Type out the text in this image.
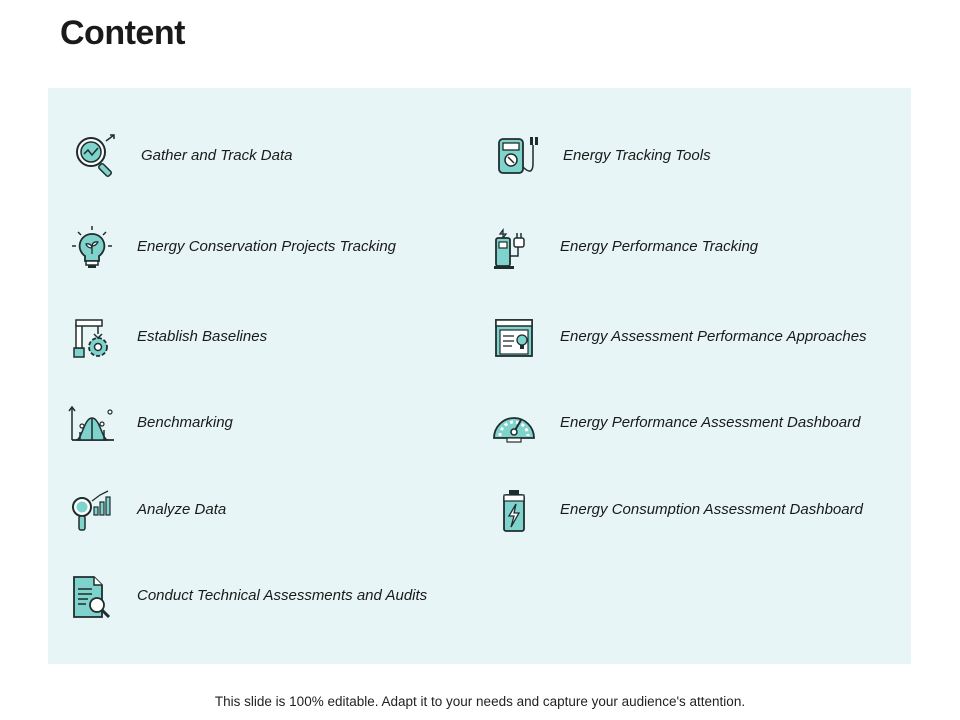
Content
Gather and Track Data
Energy Conservation Projects Tracking
Establish Baselines
Benchmarking
Analyze Data
Conduct Technical Assessments and Audits
Energy Tracking Tools
Energy Performance Tracking
Energy Assessment Performance Approaches
Energy Performance Assessment Dashboard
Energy Consumption Assessment Dashboard
This slide is 100% editable. Adapt it to your needs and capture your audience's attention.
